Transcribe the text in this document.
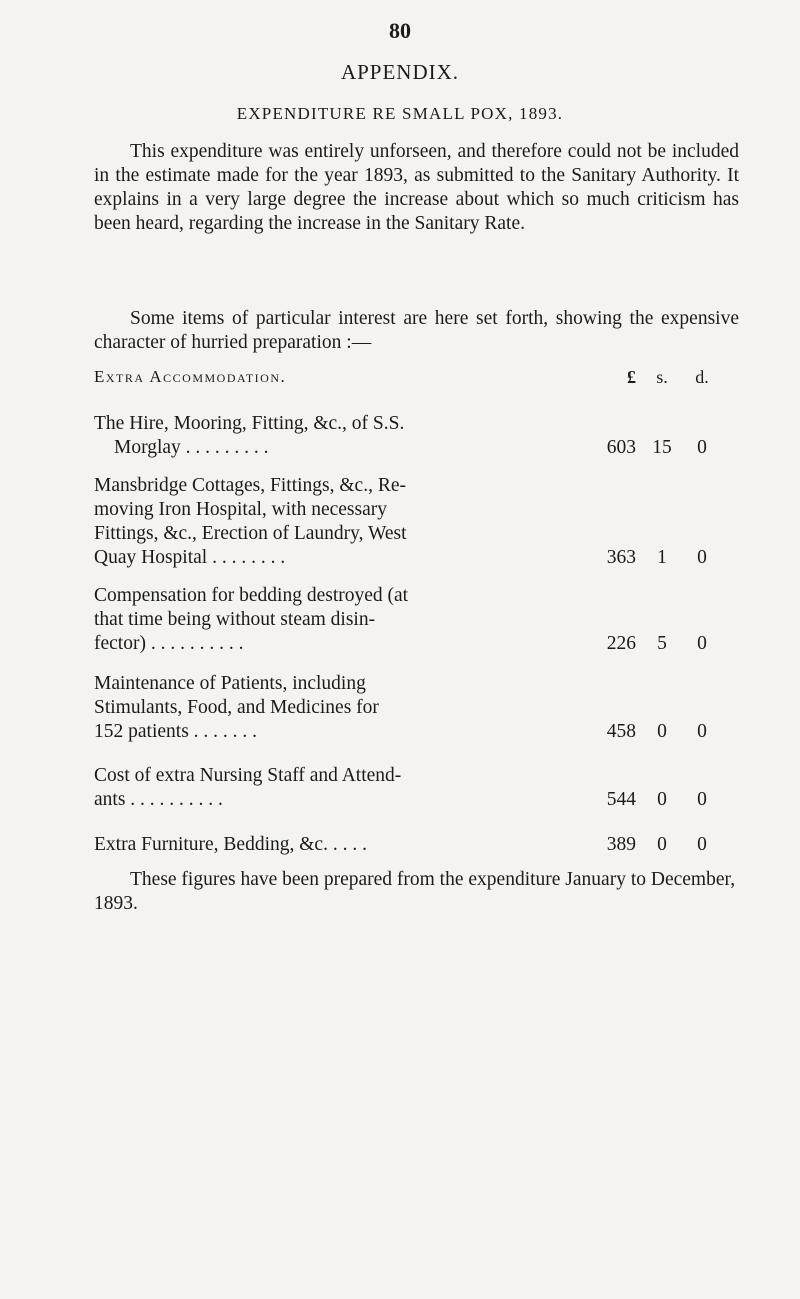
80
APPENDIX.
EXPENDITURE RE SMALL POX, 1893.

This expenditure was entirely unforseen, and therefore could not be included in the estimate made for the year 1893, as submitted to the Sanitary Authority. It explains in a very large degree the increase about which so much criticism has been heard, regarding the increase in the Sanitary Rate.

Some items of particular interest are here set forth, showing the expensive character of hurried preparation :—

Extra Accommodation.	£	s.	d.
The Hire, Mooring, Fitting, &c., of S.S.
Morglay . . . . . . . . .	603 15	0
Mansbridge Cottages, Fittings, &c., Re-
moving Iron Hospital, with necessary
Fittings, &c., Erection of Laundry, West
Quay Hospital . . . . . . . .	363	1	0
Compensation for bedding destroyed (at
that time being without steam disin-
fector) . . . . . . . . . .	226	5	0
Maintenance of Patients, including
Stimulants, Food, and Medicines for
152 patients . . . . . . .	458	0	0
Cost of extra Nursing Staff and Attend-
ants . . . . . . . . . .	544	0	0
Extra Furniture, Bedding, &c. . . . .	389	0	0

These figures have been prepared from the expenditure January to December, 1893.
